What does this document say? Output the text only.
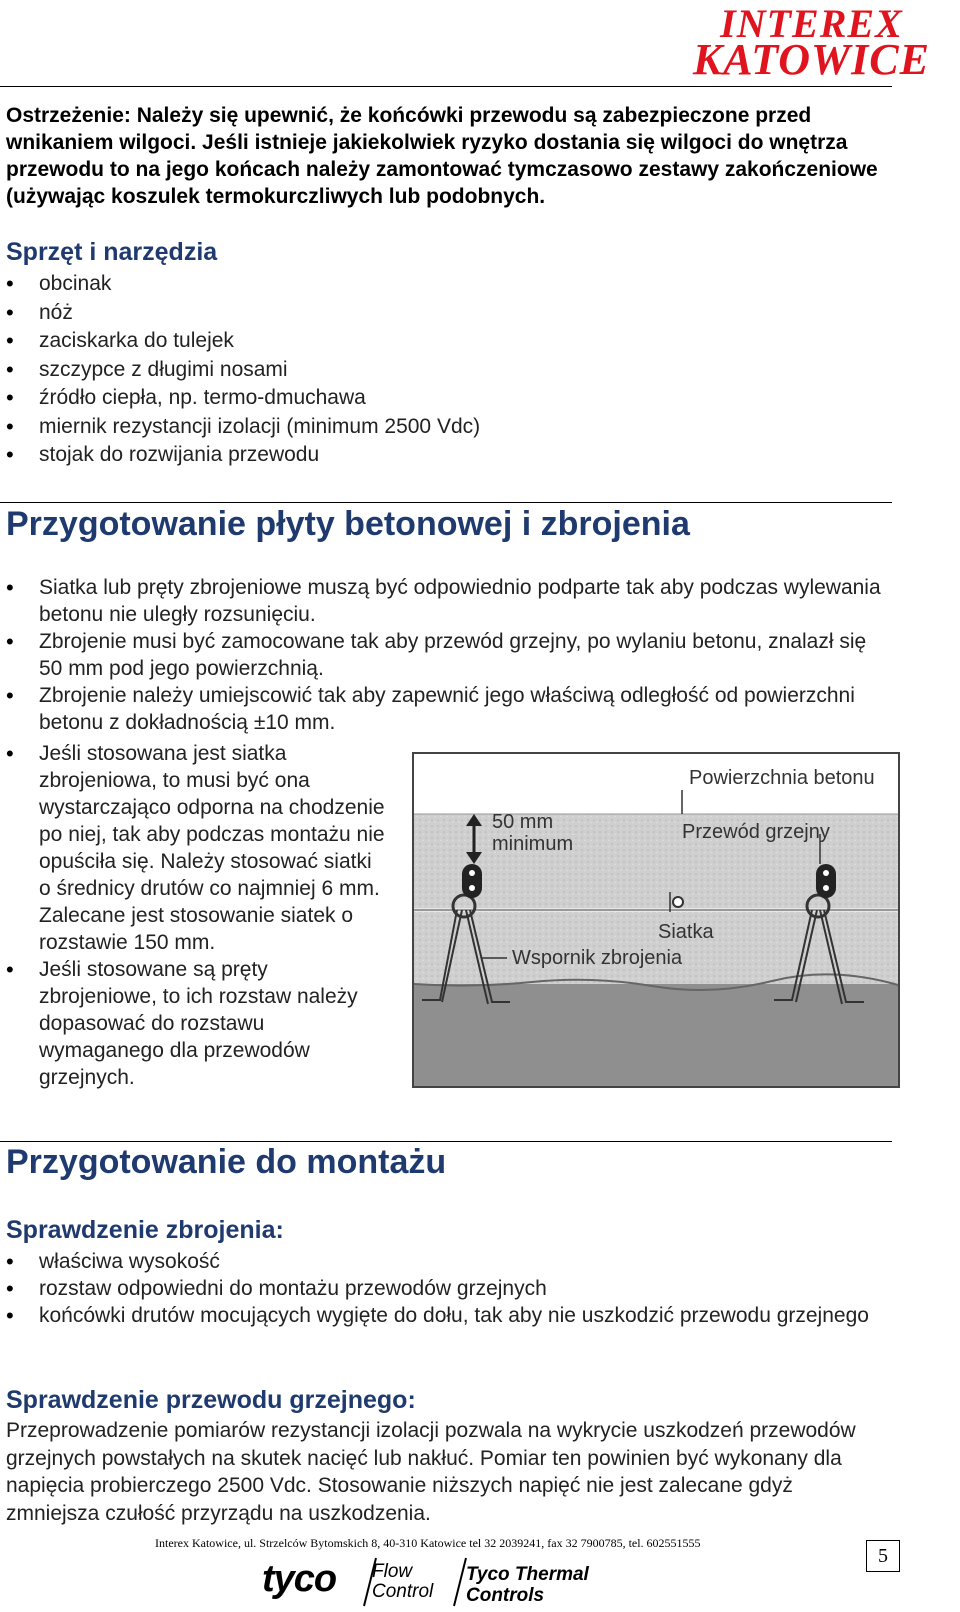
INTEREX
KATOWICE
Ostrzeżenie: Należy się upewnić, że końcówki przewodu są zabezpieczone przed wnikaniem wilgoci. Jeśli istnieje jakiekolwiek ryzyko dostania się wilgoci do wnętrza przewodu to na jego końcach należy zamontować tymczasowo zestawy zakończeniowe (używając koszulek termokurczliwych lub podobnych.
Sprzęt i narzędzia
• obcinak
• nóż
• zaciskarka do tulejek
• szczypce z długimi nosami
• źródło ciepła, np. termo-dmuchawa
• miernik rezystancji izolacji (minimum 2500 Vdc)
• stojak do rozwijania przewodu
Przygotowanie płyty betonowej i zbrojenia
• Siatka lub pręty zbrojeniowe muszą być odpowiednio podparte tak aby podczas wylewania betonu nie uległy rozsunięciu.
• Zbrojenie musi być zamocowane tak aby przewód grzejny, po wylaniu betonu, znalazł się 50 mm pod jego powierzchnią.
• Zbrojenie należy umiejscowić tak aby zapewnić jego właściwą odległość od powierzchni betonu z dokładnością ±10 mm.
• Jeśli stosowana jest siatka zbrojeniowa, to musi być ona wystarczająco odporna na chodzenie po niej, tak aby podczas montażu nie opuściła się. Należy stosować siatki o średnicy drutów co najmniej 6 mm. Zalecane jest stosowanie siatek o rozstawie 150 mm.
• Jeśli stosowane są pręty zbrojeniowe, to ich rozstaw należy dopasować do rozstawu wymaganego dla przewodów grzejnych.
Powierzchnia betonu
50 mm
minimum
Przewód grzejny
Siatka
Wspornik zbrojenia
Przygotowanie do montażu
Sprawdzenie zbrojenia:
• właściwa wysokość
• rozstaw odpowiedni do montażu przewodów grzejnych
• końcówki drutów mocujących wygięte do dołu, tak aby nie uszkodzić przewodu grzejnego
Sprawdzenie przewodu grzejnego:
Przeprowadzenie pomiarów rezystancji izolacji pozwala na wykrycie uszkodzeń przewodów grzejnych powstałych na skutek nacięć lub nakłuć. Pomiar ten powinien być wykonany dla napięcia probierczego 2500 Vdc. Stosowanie niższych napięć nie jest zalecane gdyż zmniejsza czułość przyrządu na uszkodzenia.
Interex Katowice, ul. Strzelców Bytomskich 8, 40-310 Katowice tel 32 2039241, fax 32 7900785, tel. 602551555
5
tyco Flow
Control
Tyco Thermal
Controls
